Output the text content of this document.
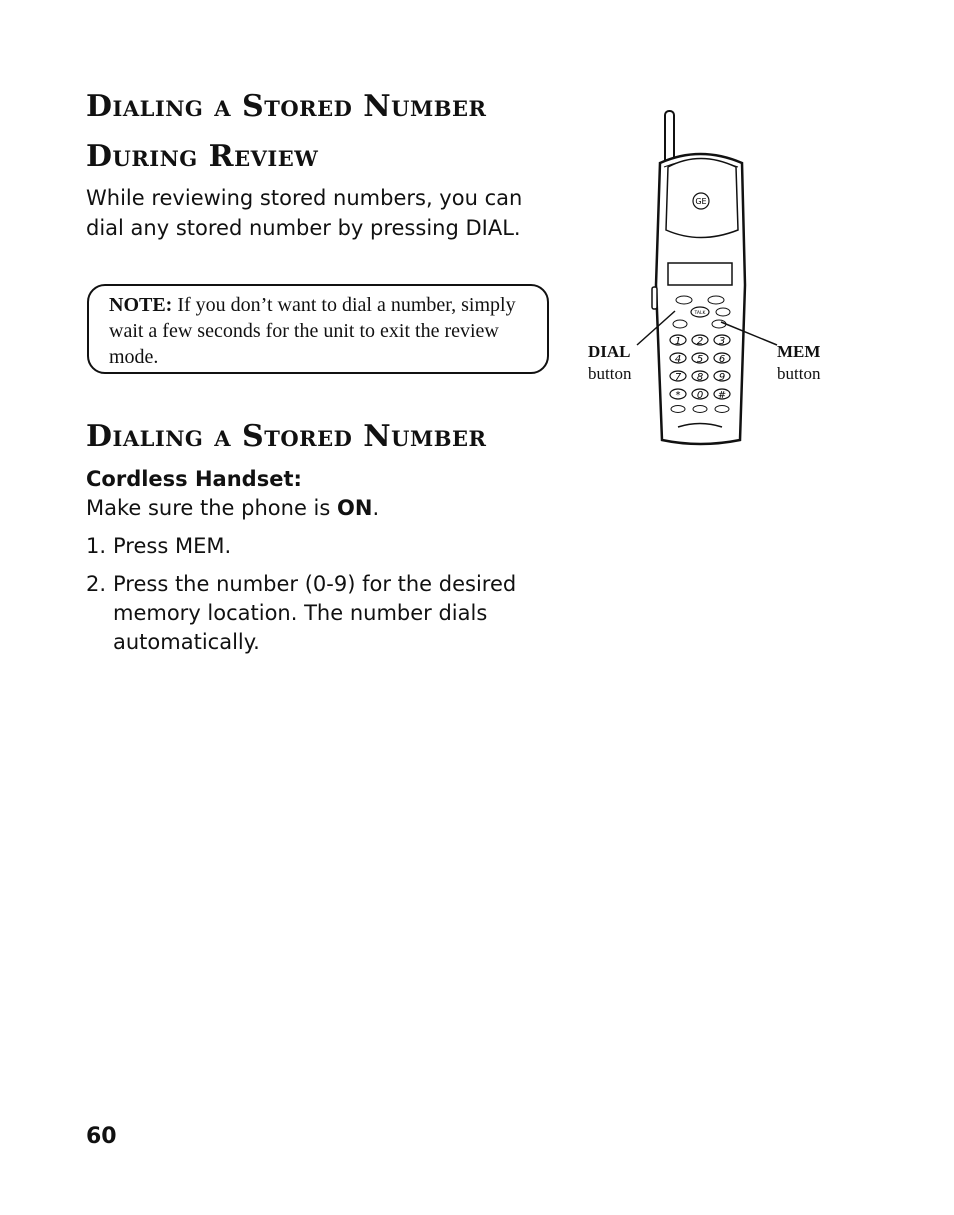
Dialing a Stored Number
During Review

While reviewing stored numbers, you can dial any stored number by pressing DIAL.

NOTE: If you don’t want to dial a number, simply wait a few seconds for the unit to exit the review mode.
Dialing a Stored Number

Cordless Handset:

Make sure the phone is ON.

1. Press MEM.
2. Press the number (0-9) for the desired memory location. The number dials automatically.
GE
TALK
1 2 3
4 5 6
7 8 9
* 0 #
DIAL
button
MEM
button

60
